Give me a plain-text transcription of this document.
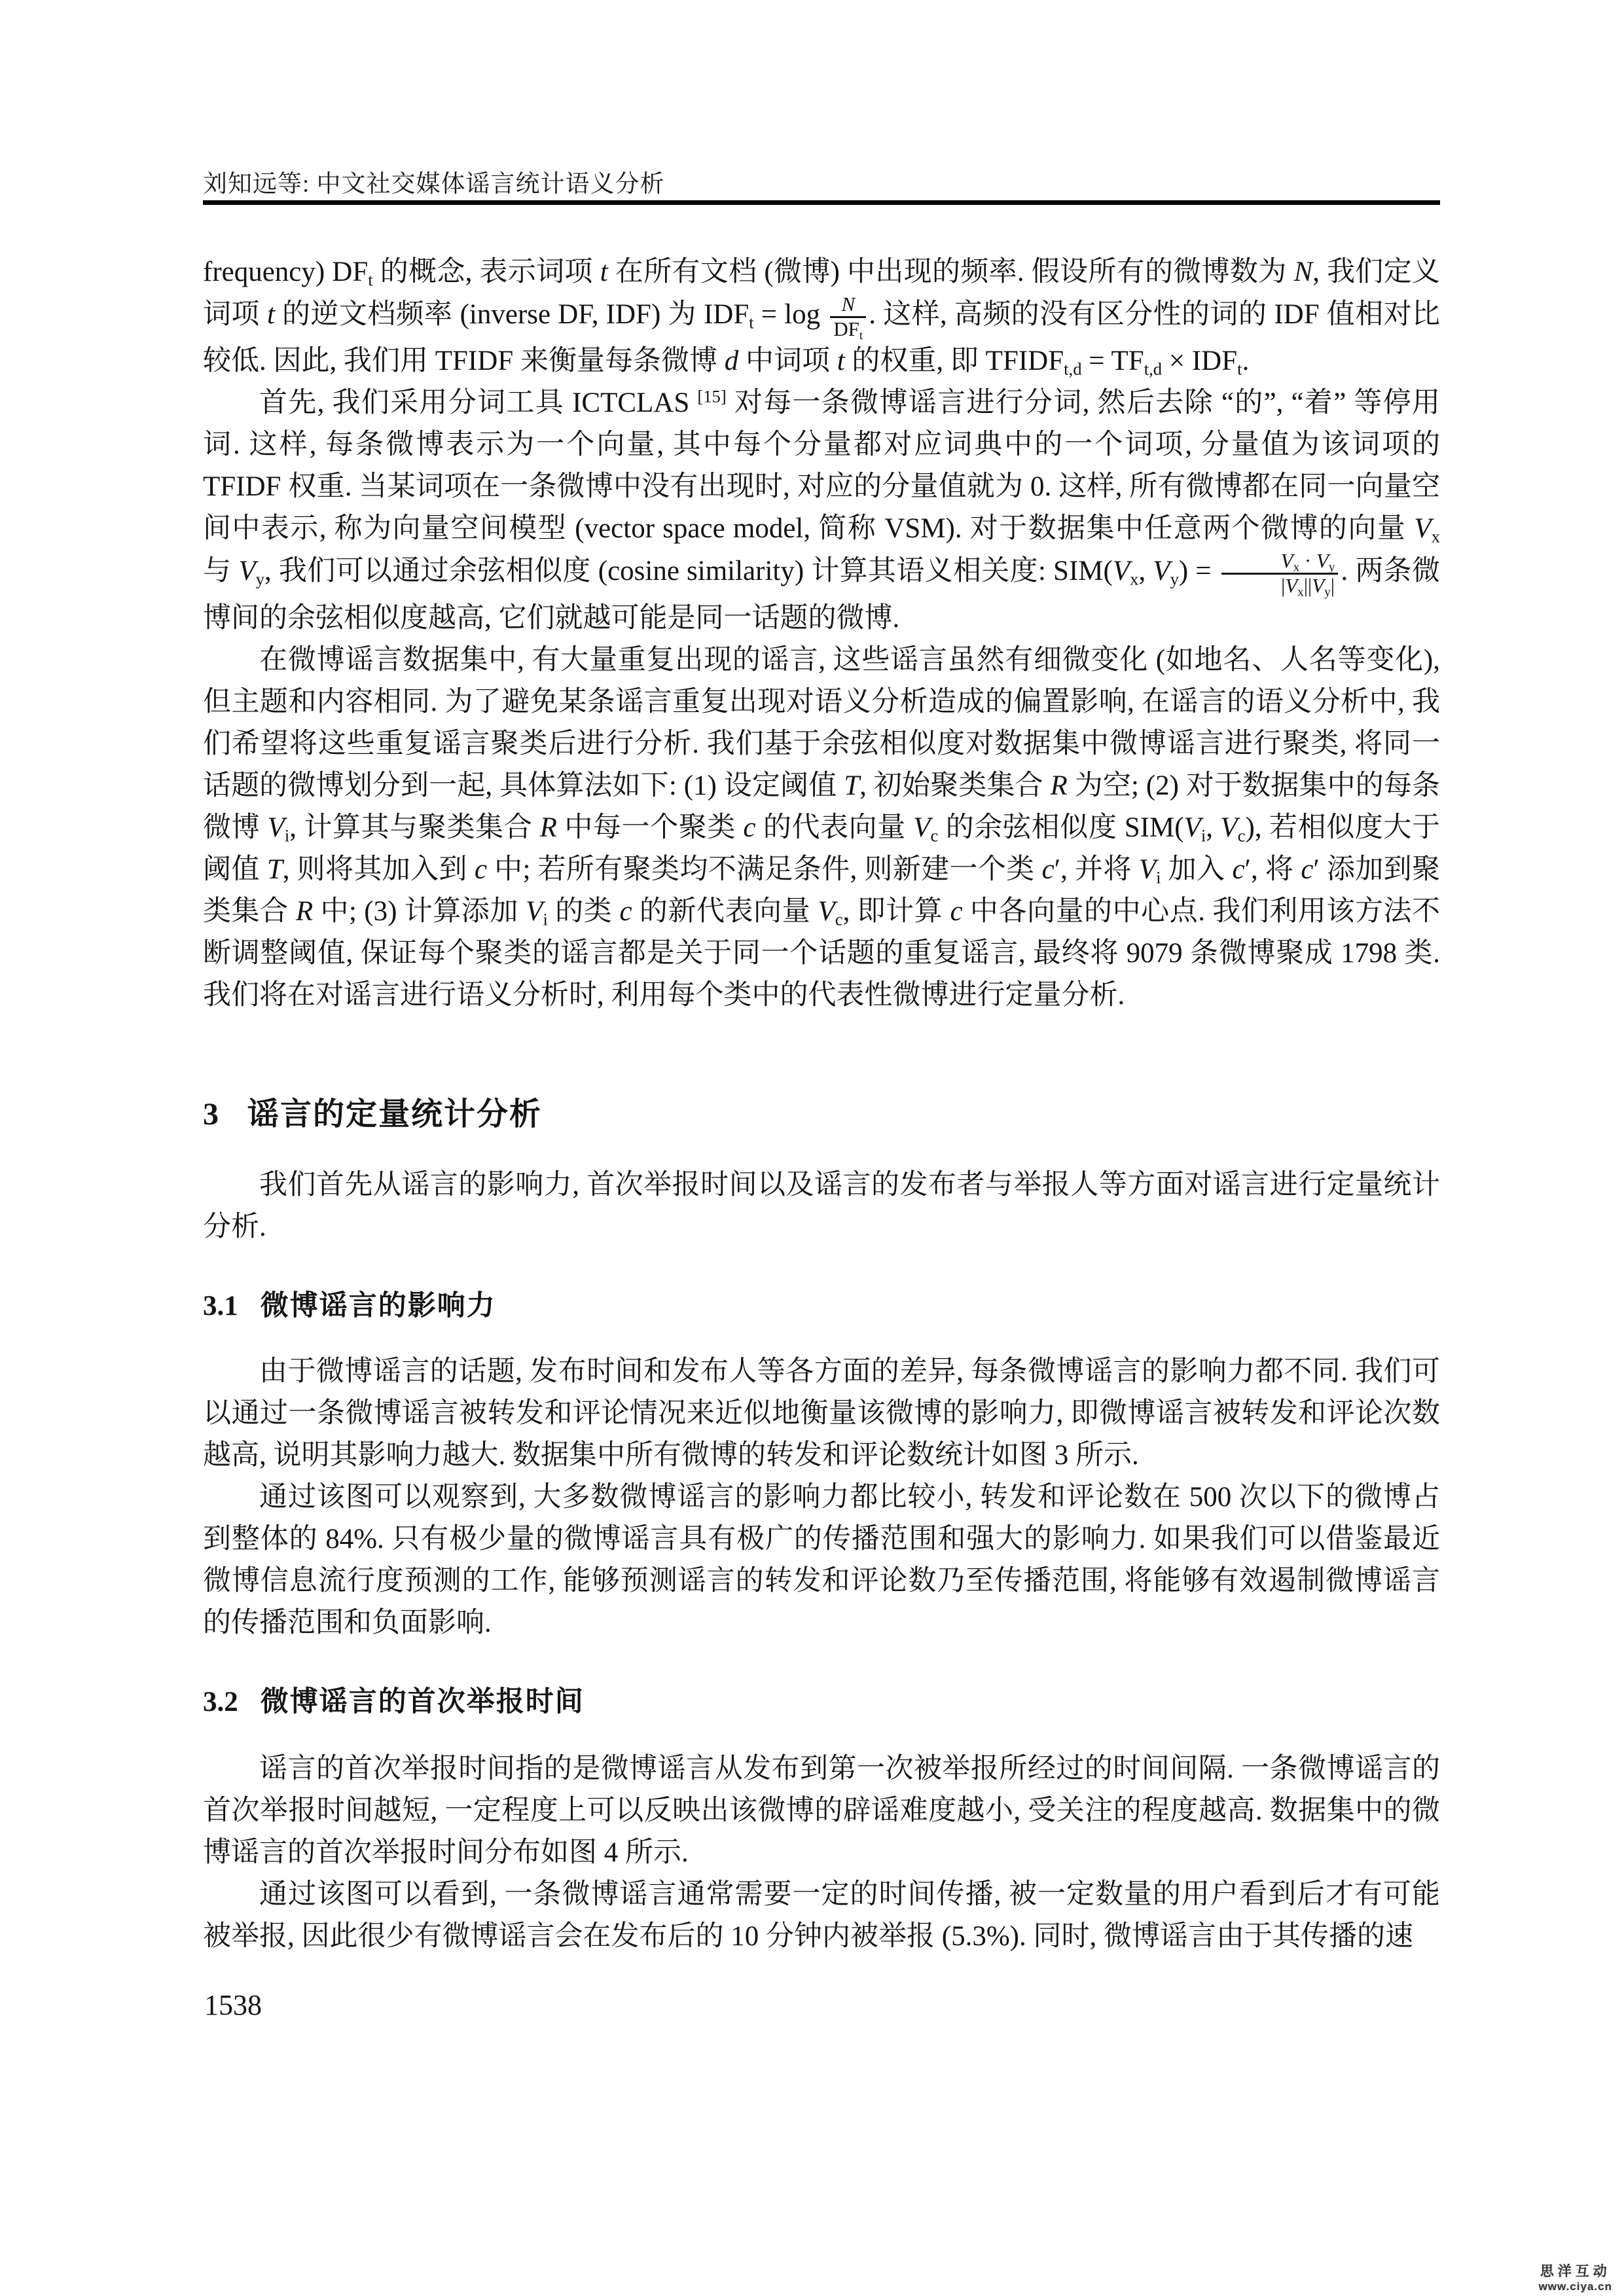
刘知远等: 中文社交媒体谣言统计语义分析

frequency) $DF_t$ 的概念, 表示词项 t 在所有文档 (微博) 中出现的频率. 假设所有的微博数为 N, 我们定义词项 t 的逆文档频率 (inverse DF, IDF) 为 $IDF_t = \log \frac{N}{DF_t}$ . 这样, 高频的没有区分性的词的 IDF 值相对比较低. 因此, 我们用 TFIDF 来衡量每条微博 d 中词项 t 的权重, 即 $TFIDF_{t,d} = TF_{t,d} \times IDF_t$.

首先, 我们采用分词工具 ICTCLAS [15] 对每一条微博谣言进行分词, 然后去除 “的”, “着” 等停用词. 这样, 每条微博表示为一个向量, 其中每个分量都对应词典中的一个词项, 分量值为该词项的 TFIDF 权重. 当某词项在一条微博中没有出现时, 对应的分量值就为 0. 这样, 所有微博都在同一向量空间中表示, 称为向量空间模型 (vector space model, 简称 VSM). 对于数据集中任意两个微博的向量 $V_x$ 与 $V_y$, 我们可以通过余弦相似度 (cosine similarity) 计算其语义相关度: $SIM(V_x$, $V_y) = \frac{V_x \cdot V_y}{|V_x||V_y|}$ . 两条微博间的余弦相似度越高, 它们就越可能是同一话题的微博.

在微博谣言数据集中, 有大量重复出现的谣言, 这些谣言虽然有细微变化 (如地名、人名等变化), 但主题和内容相同. 为了避免某条谣言重复出现对语义分析造成的偏置影响, 在谣言的语义分析中, 我们希望将这些重复谣言聚类后进行分析. 我们基于余弦相似度对数据集中微博谣言进行聚类, 将同一话题的微博划分到一起, 具体算法如下: (1) 设定阈值 T, 初始聚类集合 R 为空; (2) 对于数据集中的每条微博 $V_i$, 计算其与聚类集合 R 中每一个聚类 c 的代表向量 $V_c$ 的余弦相似度 $SIM(V_i$, $V_c$), 若相似度大于阈值 T, 则将其加入到 c 中; 若所有聚类均不满足条件, 则新建一个类 c′, 并将 $V_i$ 加入 c′, 将 c′ 添加到聚类集合 R 中; (3) 计算添加 $V_i$ 的类 c 的新代表向量 $V_c$, 即计算 c 中各向量的中心点. 我们利用该方法不断调整阈值, 保证每个聚类的谣言都是关于同一个话题的重复谣言, 最终将 9079 条微博聚成 1798 类. 我们将在对谣言进行语义分析时, 利用每个类中的代表性微博进行定量分析.

3 谣言的定量统计分析

我们首先从谣言的影响力, 首次举报时间以及谣言的发布者与举报人等方面对谣言进行定量统计分析.

3.1 微博谣言的影响力

由于微博谣言的话题, 发布时间和发布人等各方面的差异, 每条微博谣言的影响力都不同. 我们可以通过一条微博谣言被转发和评论情况来近似地衡量该微博的影响力, 即微博谣言被转发和评论次数越高, 说明其影响力越大. 数据集中所有微博的转发和评论数统计如图 3 所示.

通过该图可以观察到, 大多数微博谣言的影响力都比较小, 转发和评论数在 500 次以下的微博占到整体的 84%. 只有极少量的微博谣言具有极广的传播范围和强大的影响力. 如果我们可以借鉴最近微博信息流行度预测的工作, 能够预测谣言的转发和评论数乃至传播范围, 将能够有效遏制微博谣言的传播范围和负面影响.

3.2 微博谣言的首次举报时间

谣言的首次举报时间指的是微博谣言从发布到第一次被举报所经过的时间间隔. 一条微博谣言的首次举报时间越短, 一定程度上可以反映出该微博的辟谣难度越小, 受关注的程度越高. 数据集中的微博谣言的首次举报时间分布如图 4 所示.

通过该图可以看到, 一条微博谣言通常需要一定的时间传播, 被一定数量的用户看到后才有可能被举报, 因此很少有微博谣言会在发布后的 10 分钟内被举报 (5.3%). 同时, 微博谣言由于其传播的速

1538
思洋互动
www.ciya.cn
